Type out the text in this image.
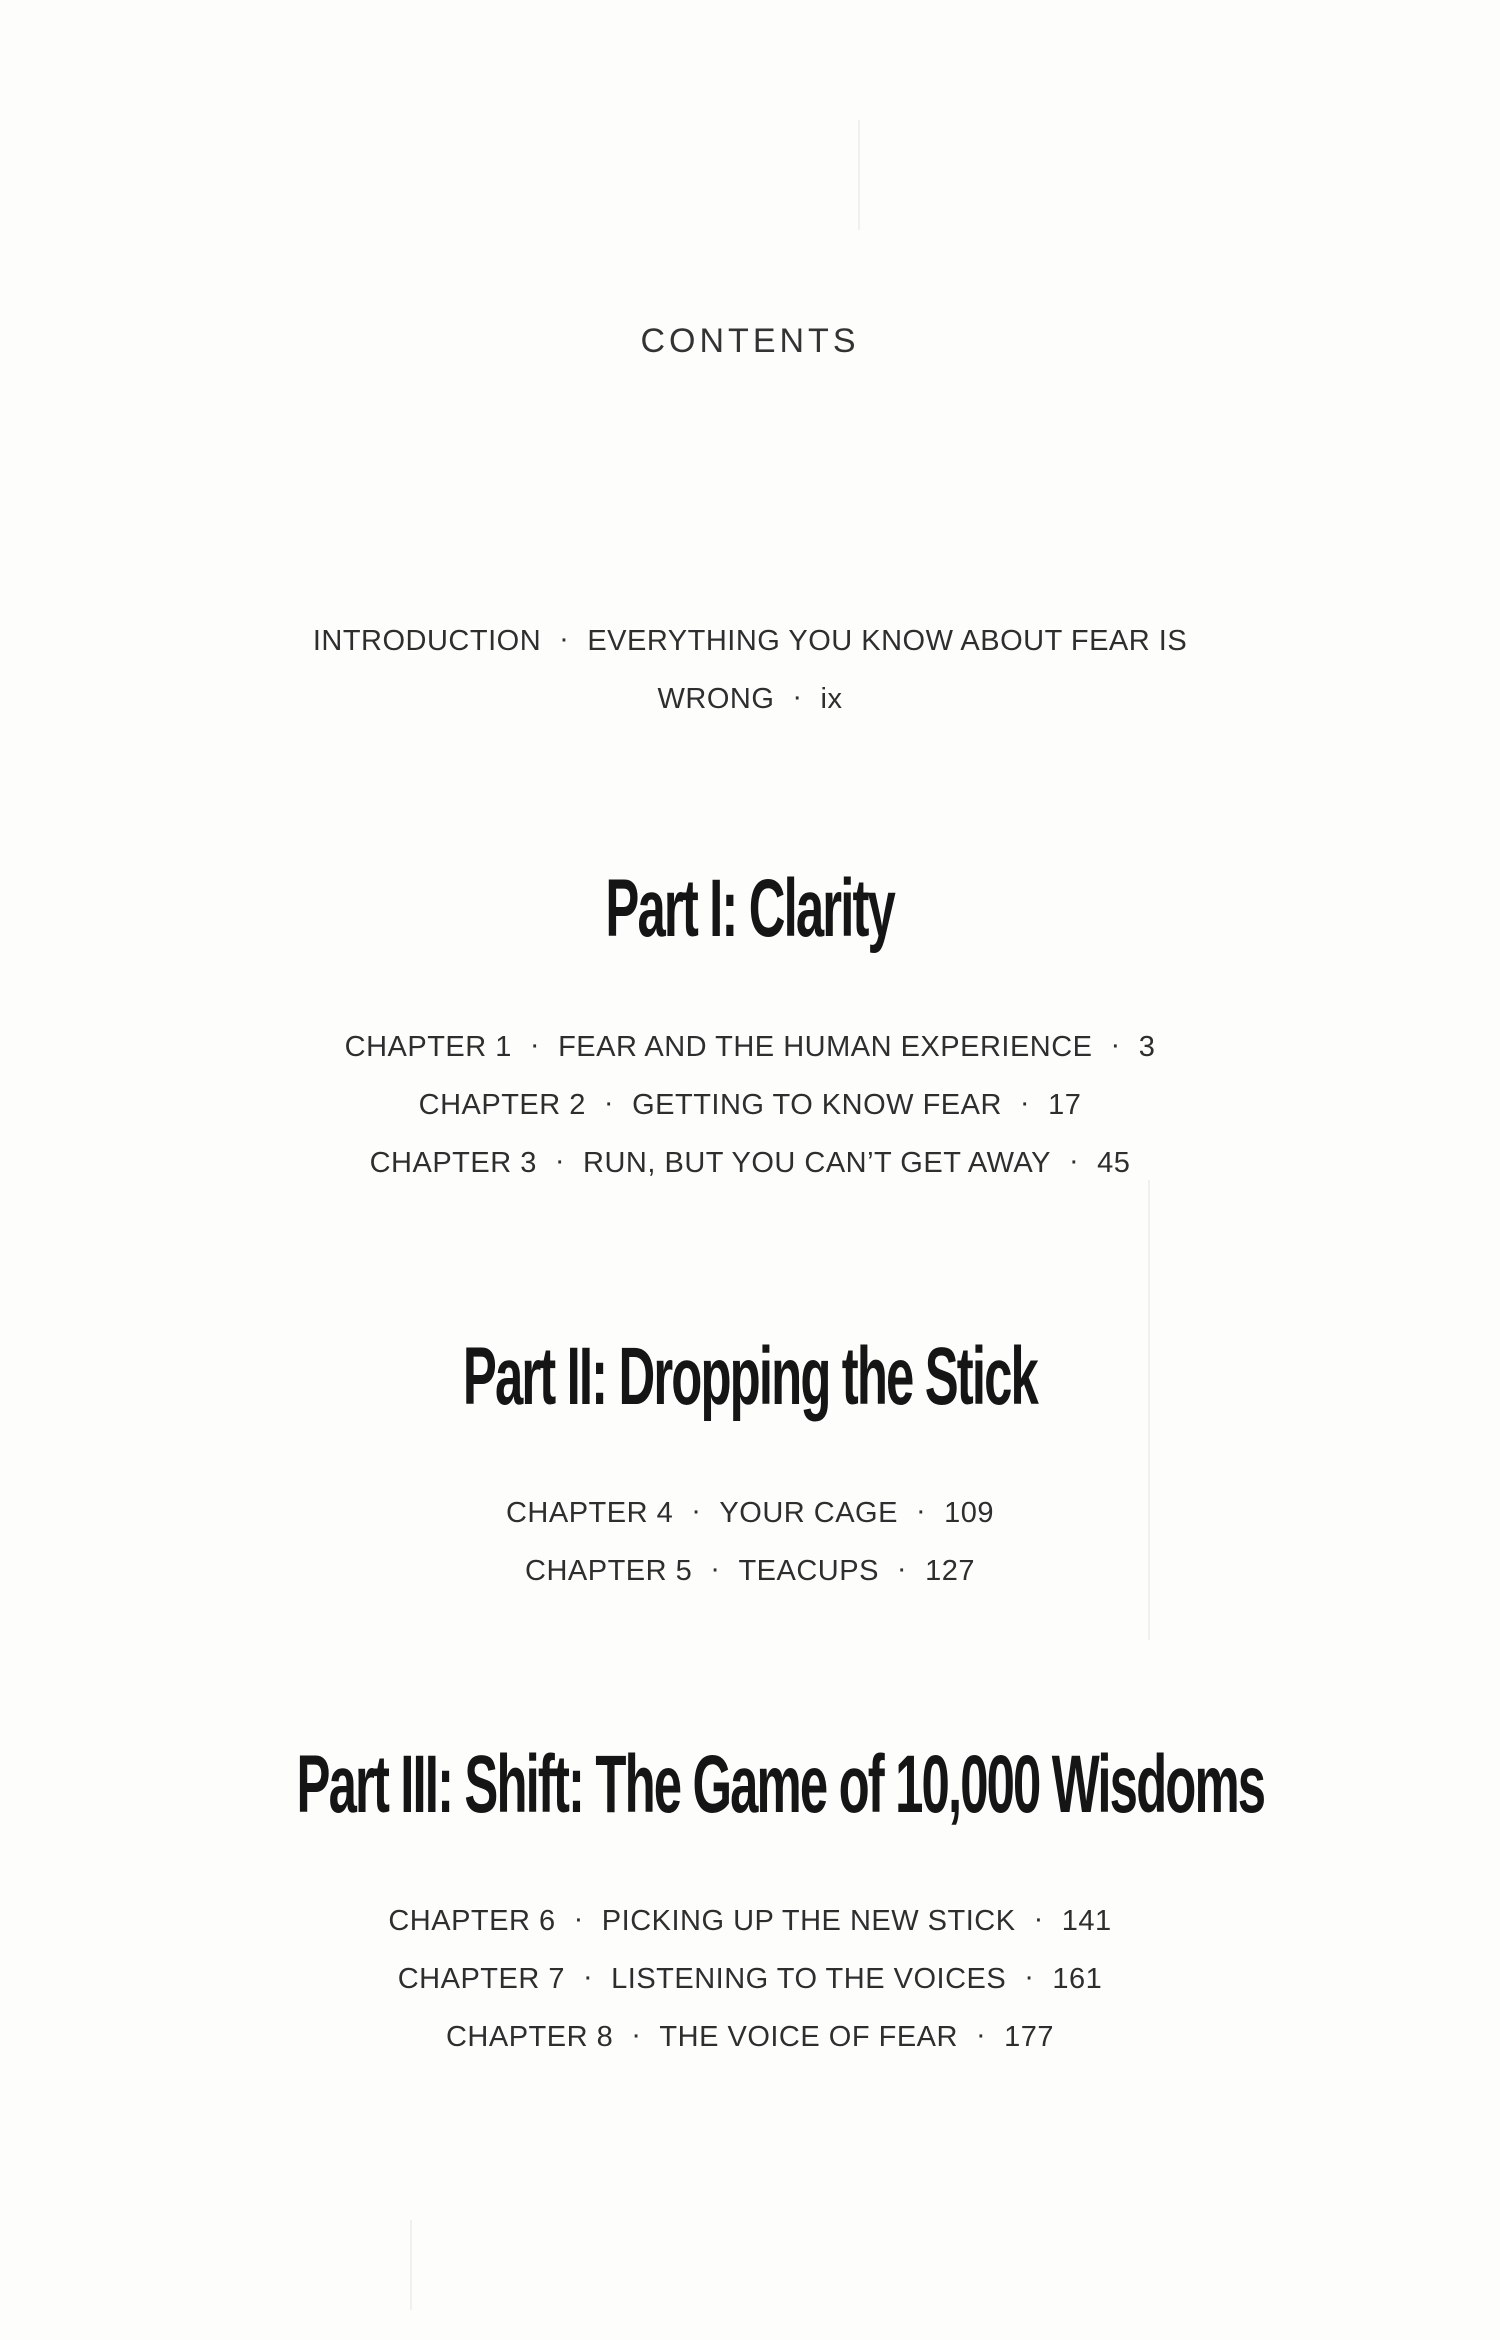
CONTENTS
INTRODUCTION · EVERYTHING YOU KNOW ABOUT FEAR IS
WRONG · ix
Part I: Clarity
CHAPTER 1 · FEAR AND THE HUMAN EXPERIENCE · 3
CHAPTER 2 · GETTING TO KNOW FEAR · 17
CHAPTER 3 · RUN, BUT YOU CAN’T GET AWAY · 45
Part II: Dropping the Stick
CHAPTER 4 · YOUR CAGE · 109
CHAPTER 5 · TEACUPS · 127
Part III: Shift: The Game of 10,000 Wisdoms
CHAPTER 6 · PICKING UP THE NEW STICK · 141
CHAPTER 7 · LISTENING TO THE VOICES · 161
CHAPTER 8 · THE VOICE OF FEAR · 177
